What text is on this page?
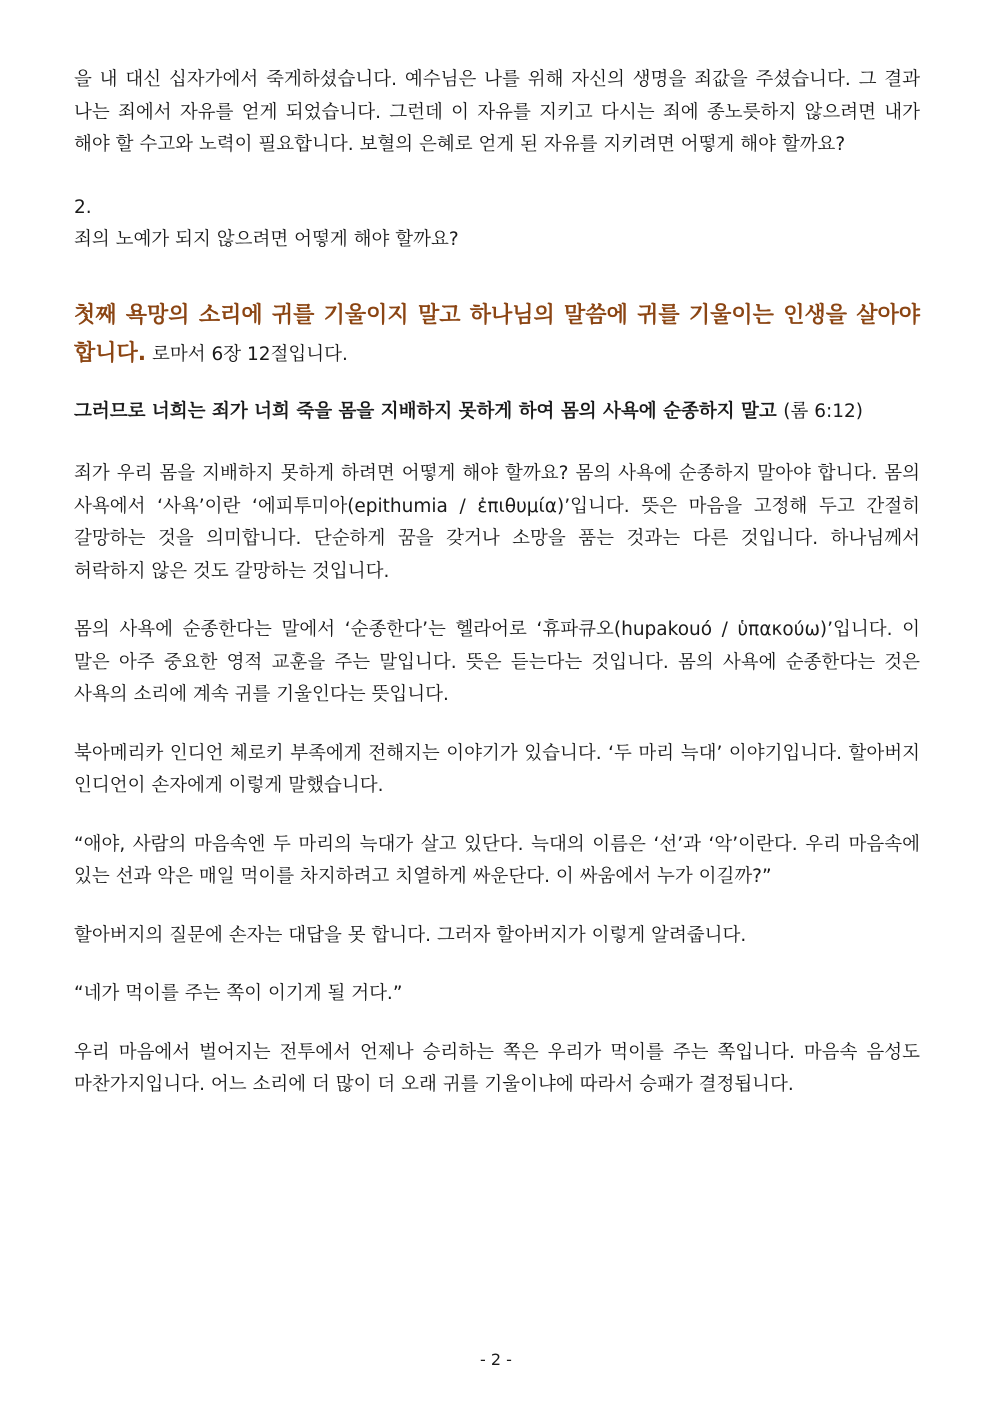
을 내 대신 십자가에서 죽게하셨습니다. 예수님은 나를 위해 자신의 생명을 죄값을 주셨습니다. 그 결과 나는 죄에서 자유를 얻게 되었습니다. 그런데 이 자유를 지키고 다시는 죄에 종노릇하지 않으려면 내가 해야 할 수고와 노력이 필요합니다. 보혈의 은혜로 얻게 된 자유를 지키려면 어떻게 해야 할까요?

2.

죄의 노예가 되지 않으려면 어떻게 해야 할까요?

첫째 욕망의 소리에 귀를 기울이지 말고 하나님의 말씀에 귀를 기울이는 인생을 살아야 합니다. 로마서 6장 12절입니다.

그러므로 너희는 죄가 너희 죽을 몸을 지배하지 못하게 하여 몸의 사욕에 순종하지 말고 (롬 6:12)

죄가 우리 몸을 지배하지 못하게 하려면 어떻게 해야 할까요? 몸의 사욕에 순종하지 말아야 합니다. 몸의 사욕에서 ‘사욕’이란 ‘에피투미아(epithumia / ἐπιθυμία)’입니다. 뜻은 마음을 고정해 두고 간절히 갈망하는 것을 의미합니다. 단순하게 꿈을 갖거나 소망을 품는 것과는 다른 것입니다. 하나님께서 허락하지 않은 것도 갈망하는 것입니다.

몸의 사욕에 순종한다는 말에서 ‘순종한다’는 헬라어로 ‘휴파큐오(hupakouó / ὑπακούω)’입니다. 이 말은 아주 중요한 영적 교훈을 주는 말입니다. 뜻은 듣는다는 것입니다. 몸의 사욕에 순종한다는 것은 사욕의 소리에 계속 귀를 기울인다는 뜻입니다.

북아메리카 인디언 체로키 부족에게 전해지는 이야기가 있습니다. ‘두 마리 늑대’ 이야기입니다. 할아버지 인디언이 손자에게 이렇게 말했습니다.

“애야, 사람의 마음속엔 두 마리의 늑대가 살고 있단다. 늑대의 이름은 ‘선’과 ‘악’이란다. 우리 마음속에 있는 선과 악은 매일 먹이를 차지하려고 치열하게 싸운단다. 이 싸움에서 누가 이길까?”

할아버지의 질문에 손자는 대답을 못 합니다. 그러자 할아버지가 이렇게 알려줍니다.

“네가 먹이를 주는 쪽이 이기게 될 거다.”

우리 마음에서 벌어지는 전투에서 언제나 승리하는 쪽은 우리가 먹이를 주는 쪽입니다. 마음속 음성도 마찬가지입니다. 어느 소리에 더 많이 더 오래 귀를 기울이냐에 따라서 승패가 결정됩니다.

- 2 -
